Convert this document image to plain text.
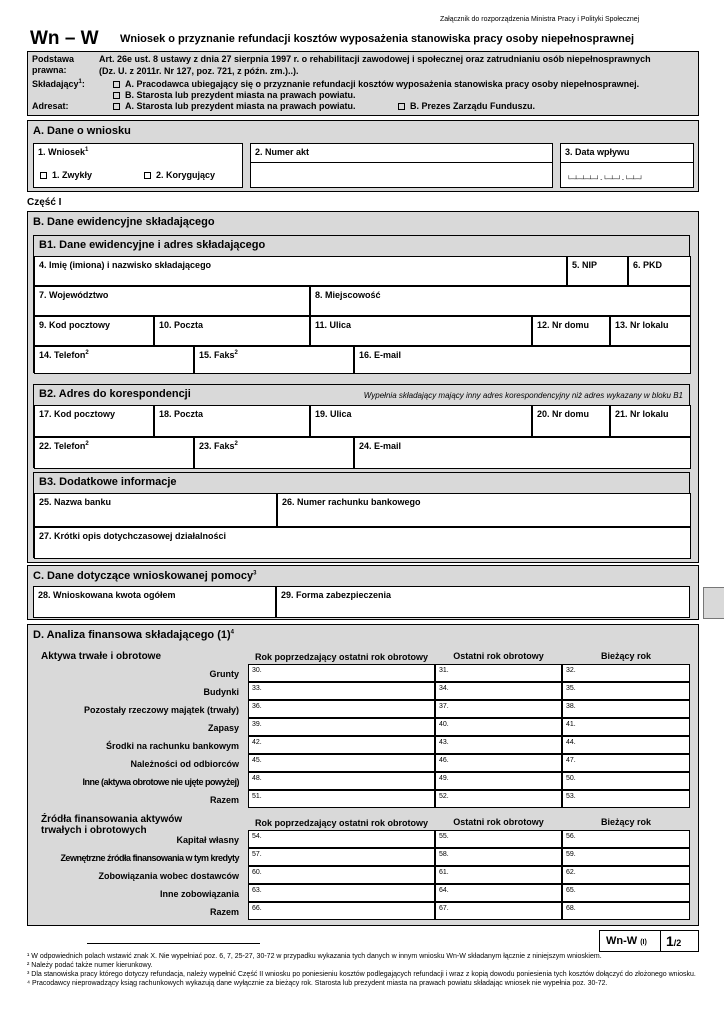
Załącznik do rozporządzenia Ministra Pracy i Polityki Społecznej
Wn – W Wniosek o przyznanie refundacji kosztów wyposażenia stanowiska pracy osoby niepełnosprawnej
Podstawa prawna:
Art. 26e ust. 8 ustawy z dnia 27 sierpnia 1997 r. o rehabilitacji zawodowej i społecznej oraz zatrudnianiu osób niepełnosprawnych
(Dz. U. z 2011r. Nr 127, poz. 721, z późn. zm.)..).
Składający$^1$:	A. Pracodawca ubiegający się o przyznanie refundacji kosztów wyposażenia stanowiska pracy osoby niepełnosprawnej.
B. Starosta lub prezydent miasta na prawach powiatu.
Adresat:	A. Starosta lub prezydent miasta na prawach powiatu.	B. Prezes Zarządu Funduszu.
A. Dane o wniosku
1. Wniosek$^1$
1. Zwykły	2. Korygujący
2. Numer akt	3. Data wpływu
└─┴─┴─┴─┘-└─┴─┘-└─┴─┘
Część I
B. Dane ewidencyjne składającego
B1. Dane ewidencyjne i adres składającego
4. Imię (imiona) i nazwisko składającego	5. NIP	6. PKD
7. Województwo	8. Miejscowość
9. Kod pocztowy	10. Poczta	11. Ulica	12. Nr domu	13. Nr lokalu
14. Telefon$^2$	15. Faks$^2$	16. E-mail
B2. Adres do korespondencji	Wypełnia składający mający inny adres korespondencyjny niż adres wykazany w bloku B1
17. Kod pocztowy	18. Poczta	19. Ulica	20. Nr domu	21. Nr lokalu
22. Telefon$^2$	23. Faks$^2$	24. E-mail
B3. Dodatkowe informacje
25. Nazwa banku	26. Numer rachunku bankowego
27. Krótki opis dotychczasowej działalności
C. Dane dotyczące wnioskowanej pomocy$^3$
28. Wnioskowana kwota ogółem	29. Forma zabezpieczenia
D. Analiza finansowa składającego $(1)^4$
Aktywa trwałe i obrotowe	Rok poprzedzający ostatni rok obrotowy	Ostatni rok obrotowy	Bieżący rok
Grunty 30.	31.	32.
Budynki 33.	34.	35.
Pozostały rzeczowy majątek (trwały) 36.	37.	38.
Zapasy 39.	40.	41.
Środki na rachunku bankowym 42.	43.	44.
Należności od odbiorców 45.	46.	47.
Inne (aktywa obrotowe nie ujęte powyżej) 48.	49.	50.
Razem 51.	52.	53.
Źródła finansowania aktywów
trwałych i obrotowych
Rok poprzedzający ostatni rok obrotowy	Ostatni rok obrotowy	Bieżący rok
Kapitał własny 54.	55.	56.
Zewnętrzne źródła finansowania w tym kredyty 57.	58.	59.
Zobowiązania wobec dostawców 60.	61.	62.
Inne zobowiązania 63.	64.	65.
Razem 66.	67.	68.
Wn-W (I) 1/2
¹ W odpowiednich polach wstawić znak X. Nie wypełniać poz. 6, 7, 25-27, 30-72 w przypadku wykazania tych danych w innym wniosku Wn-W składanym łącznie z niniejszym wnioskiem.
² Należy podać także numer kierunkowy.
³ Dla stanowiska pracy którego dotyczy refundacja, należy wypełnić Część II wniosku po poniesieniu kosztów podlegających refundacji i wraz z kopią dowodu poniesienia tych kosztów dołączyć do złożonego wniosku.
⁴ Pracodawcy nieprowadzący ksiąg rachunkowych wykazują dane wyłącznie za bieżący rok. Starosta lub prezydent miasta na prawach powiatu składając wniosek nie wypełnia poz. 30-72.
